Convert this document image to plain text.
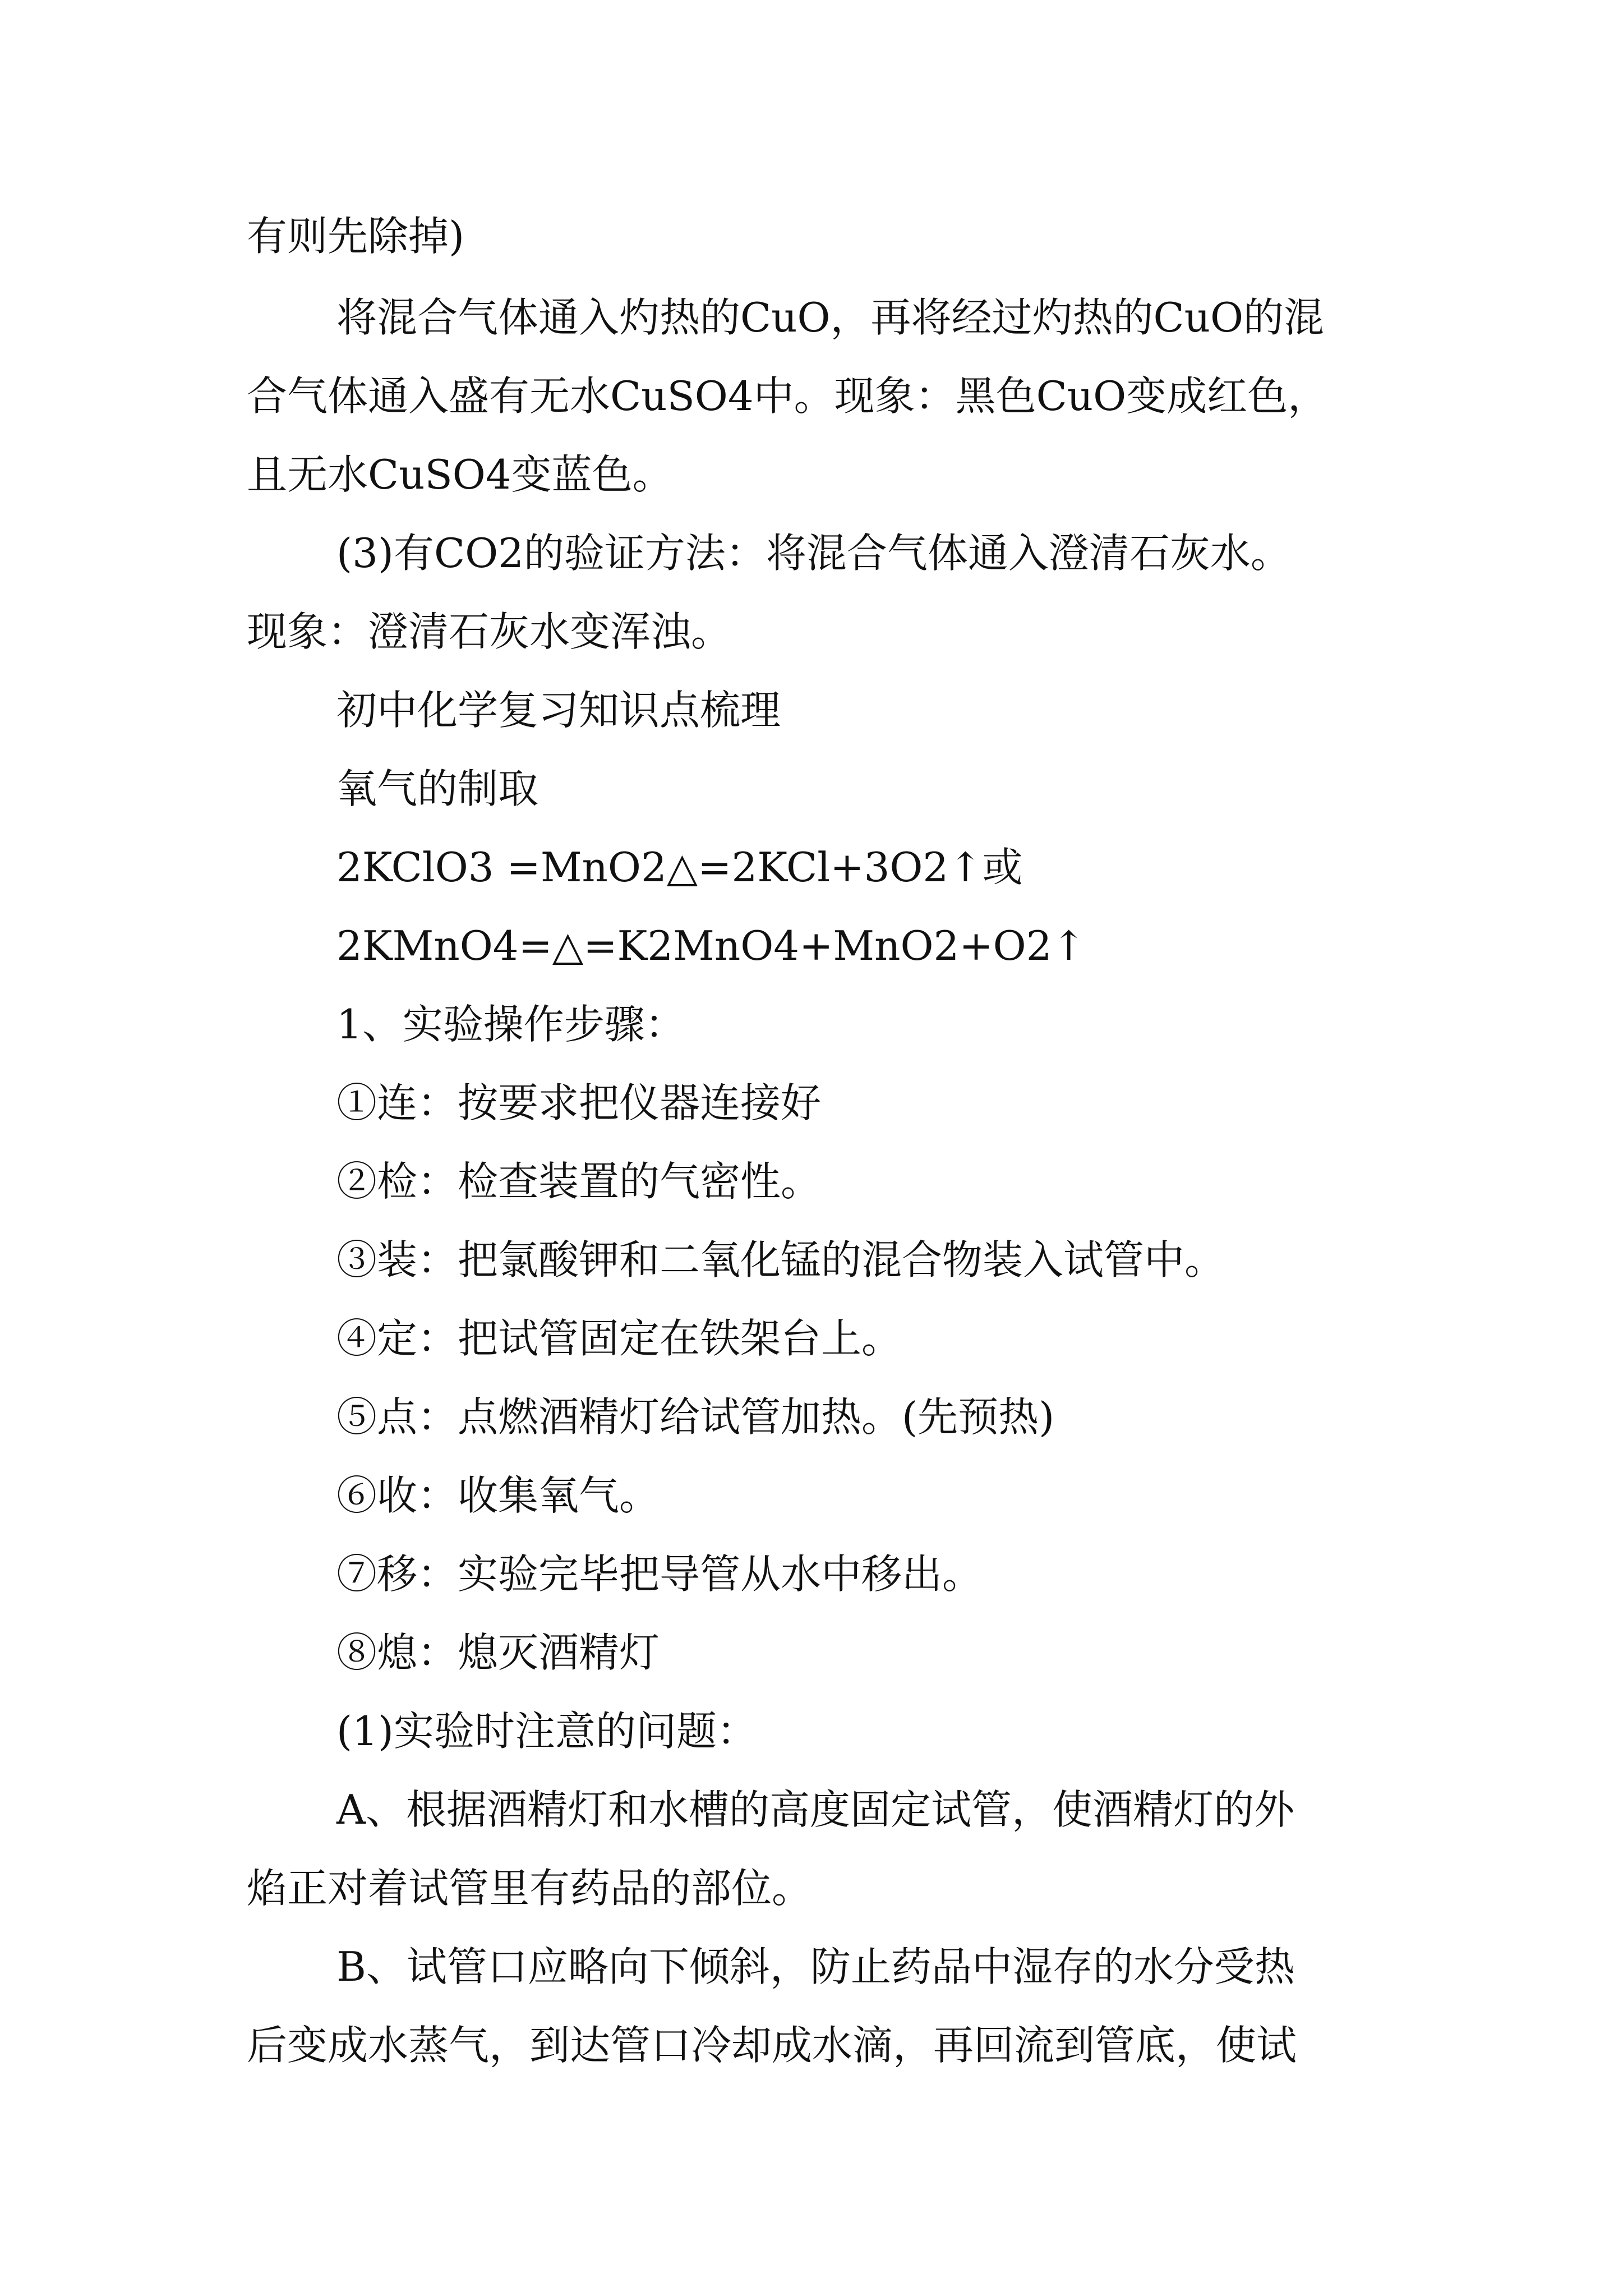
有则先除掉)

将混合气体通入灼热的CuO，再将经过灼热的CuO的混

合气体通入盛有无水CuSO4中。现象：黑色CuO变成红色，

且无水CuSO4变蓝色。

(3)有CO2的验证方法：将混合气体通入澄清石灰水。

现象：澄清石灰水变浑浊。

初中化学复习知识点梳理

氧气的制取

2KClO3 =MnO2△=2KCl+3O2↑或

2KMnO4=△=K2MnO4+MnO2+O2↑

1、实验操作步骤：

①连：按要求把仪器连接好

②检：检查装置的气密性。

③装：把氯酸钾和二氧化锰的混合物装入试管中。

④定：把试管固定在铁架台上。

⑤点：点燃酒精灯给试管加热。(先预热)

⑥收：收集氧气。

⑦移：实验完毕把导管从水中移出。

⑧熄：熄灭酒精灯

(1)实验时注意的问题：

A、根据酒精灯和水槽的高度固定试管，使酒精灯的外

焰正对着试管里有药品的部位。

B、试管口应略向下倾斜，防止药品中湿存的水分受热

后变成水蒸气，到达管口冷却成水滴，再回流到管底，使试
